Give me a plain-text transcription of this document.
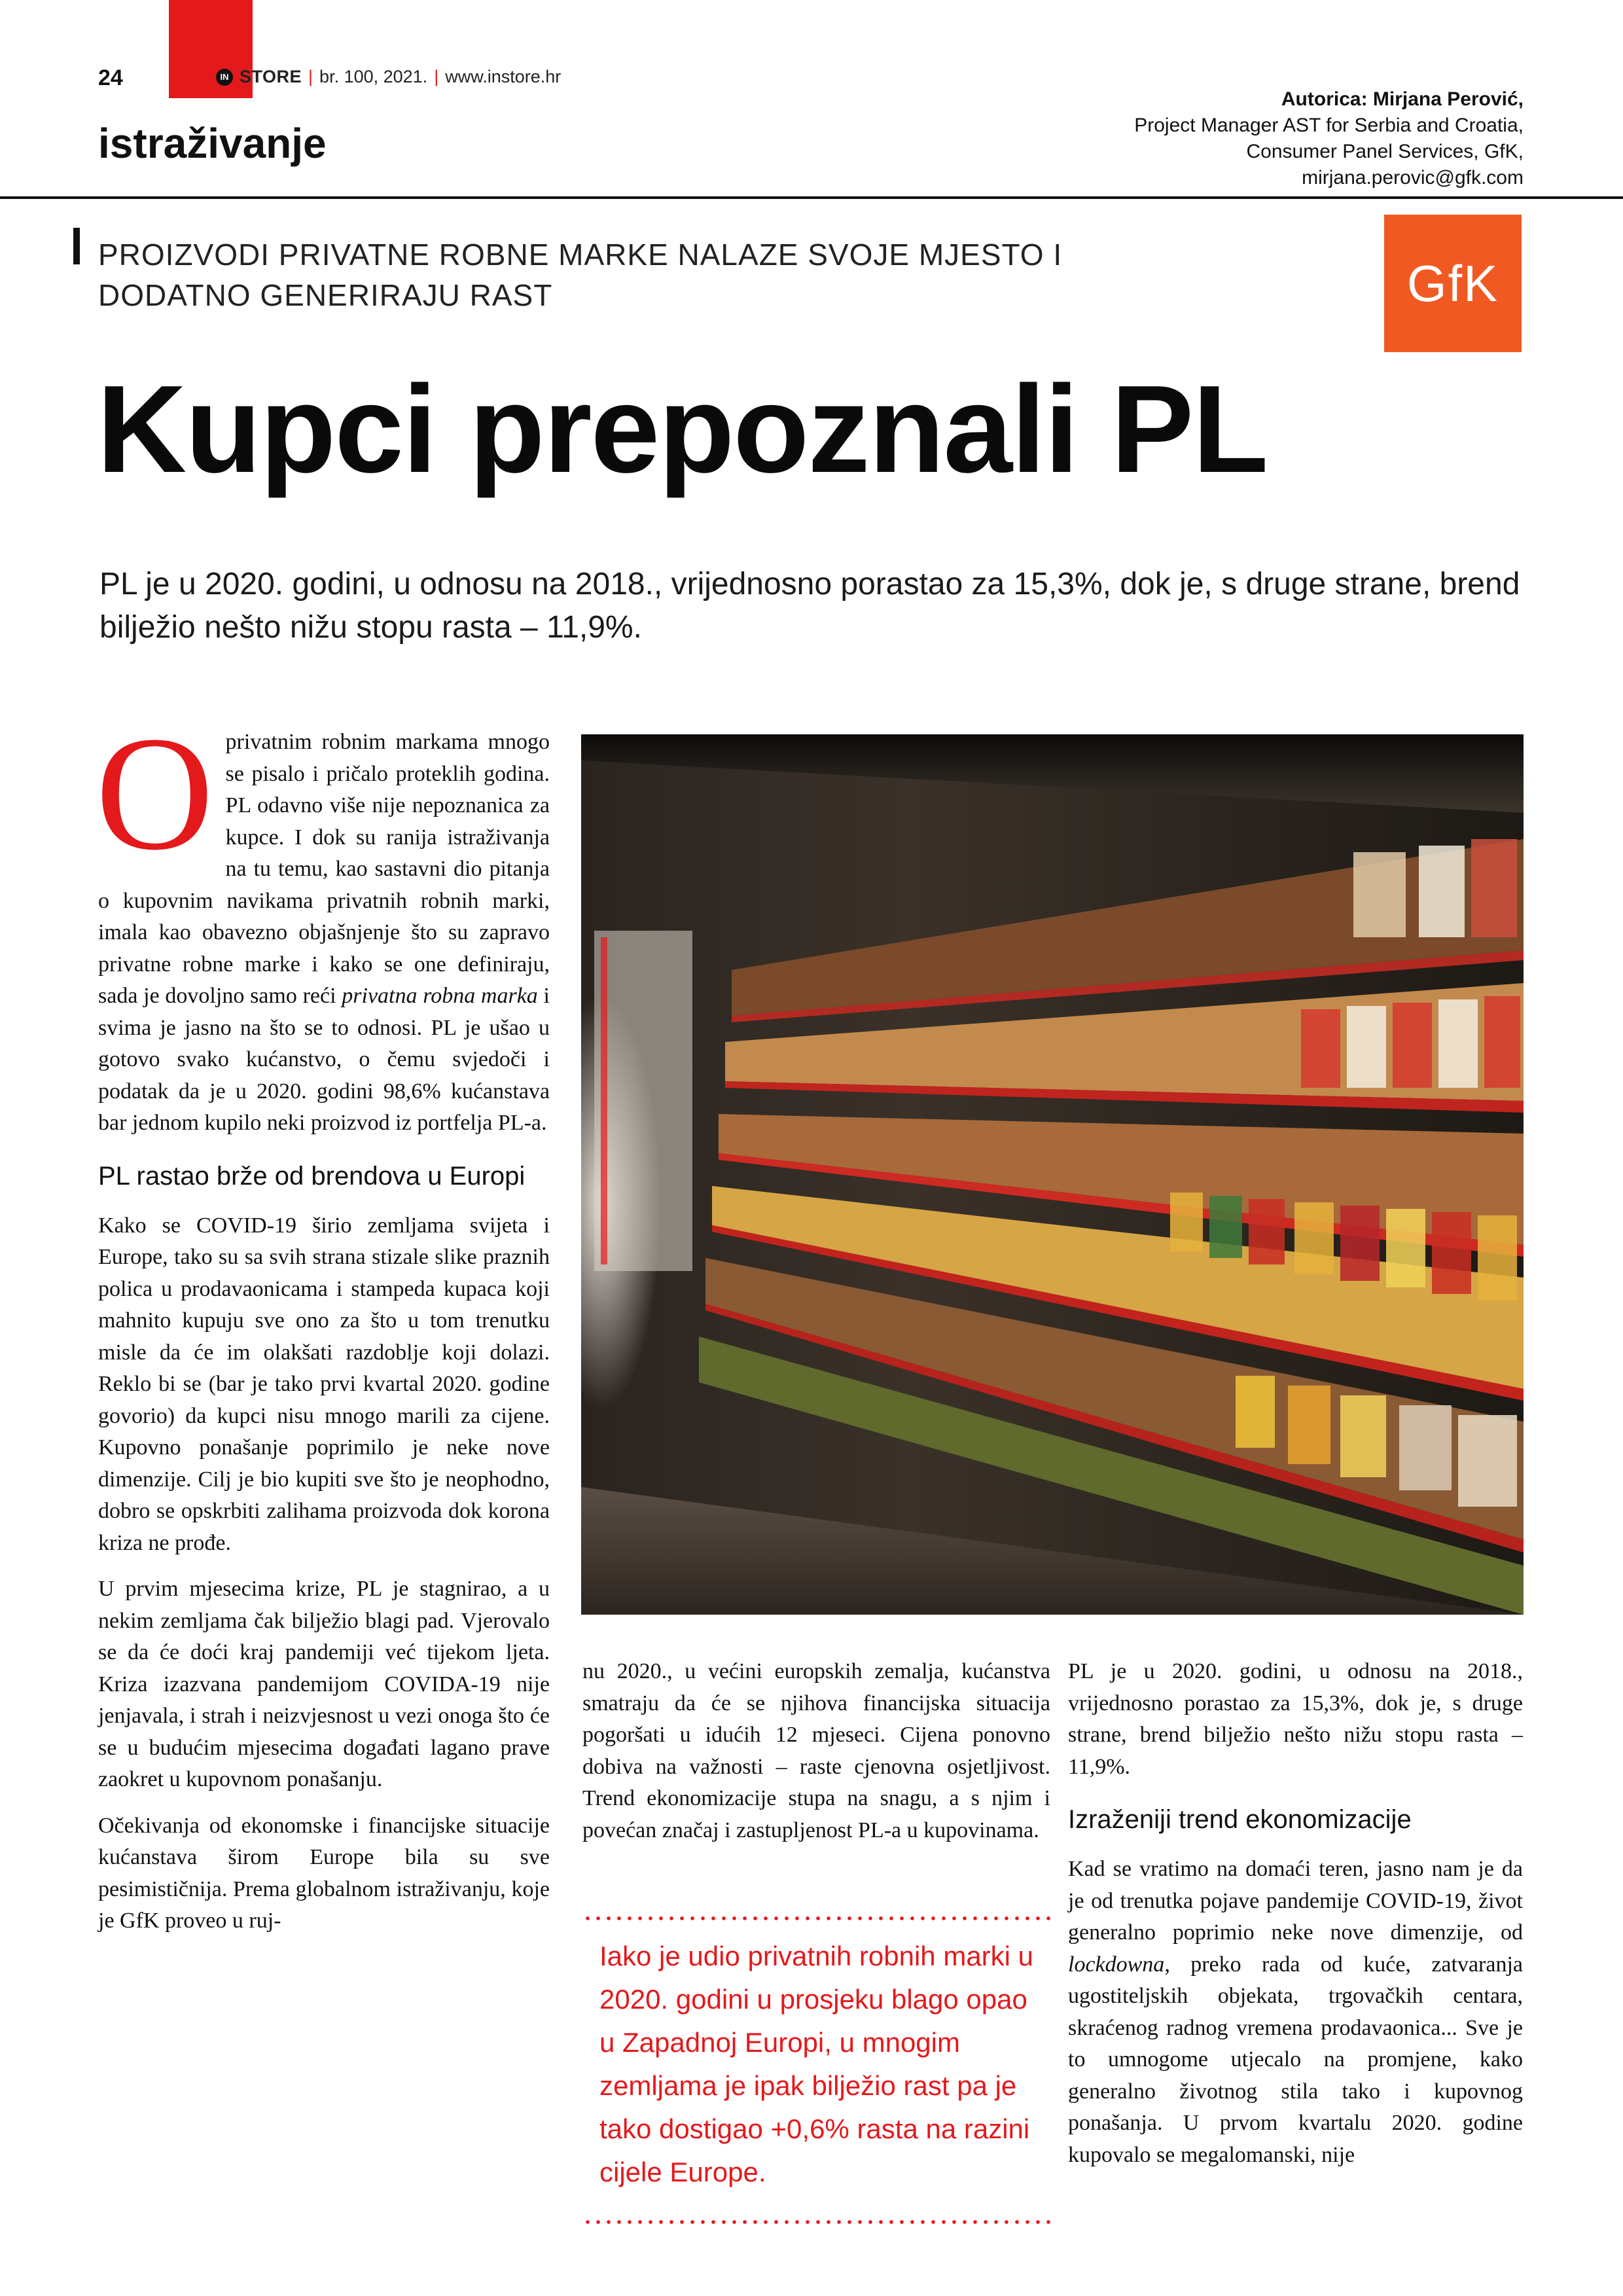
24	IN STORE | br. 100, 2021. | www.instore.hr
istraživanje
Autorica: Mirjana Perović,
Project Manager AST for Serbia and Croatia,
Consumer Panel Services, GfK,
mirjana.perovic@gfk.com
PROIZVODI PRIVATNE ROBNE MARKE NALAZE SVOJE MJESTO I DODATNO GENERIRAJU RAST	GfK
Kupci prepoznali PL
PL je u 2020. godini, u odnosu na 2018., vrijednosno porastao za 15,3%, dok je, s druge strane, brend bilježio nešto nižu stopu rasta – 11,9%.

Oprivatnim robnim markama mnogo se pisalo i pričalo proteklih godina. PL odavno više nije nepoznanica za kupce. I dok su ranija istraživanja na tu temu, kao sastavni dio pitanja o kupovnim navikama privatnih robnih marki, imala kao obavezno objašnjenje što su zapravo privatne robne marke i kako se one definiraju, sada je dovoljno samo reći privatna robna marka i svima je jasno na što se to odnosi. PL je ušao u gotovo svako kućanstvo, o čemu svjedoči i podatak da je u 2020. godini 98,6% kućanstava bar jednom kupilo neki proizvod iz portfelja PL-a.

PL rastao brže od brendova u Europi

Kako se COVID-19 širio zemljama svijeta i Europe, tako su sa svih strana stizale slike praznih polica u prodavaonicama i stampeda kupaca koji mahnito kupuju sve ono za što u tom trenutku misle da će im olakšati razdoblje koji dolazi. Reklo bi se (bar je tako prvi kvartal 2020. godine govorio) da kupci nisu mnogo marili za cijene. Kupovno ponašanje poprimilo je neke nove dimenzije. Cilj je bio kupiti sve što je neophodno, dobro se opskrbiti zalihama proizvoda dok korona kriza ne prođe.

U prvim mjesecima krize, PL je stagnirao, a u nekim zemljama čak bilježio blagi pad. Vjerovalo se da će doći kraj pandemiji već tijekom ljeta. Kriza izazvana pandemijom COVIDA-19 nije jenjavala, i strah i neizvjesnost u vezi onoga što će se u budućim mjesecima događati lagano prave zaokret u kupovnom ponašanju.

Očekivanja od ekonomske i financijske situacije kućanstava širom Europe bila su sve pesimističnija. Prema globalnom istraživanju, koje je GfK proveo u ruj-

nu 2020., u većini europskih zemalja, kućanstva smatraju da će se njihova financijska situacija pogoršati u idućih 12 mjeseci. Cijena ponovno dobiva na važnosti – raste cjenovna osjetljivost. Trend ekonomizacije stupa na snagu, a s njim i povećan značaj i zastupljenost PL-a u kupovinama.

Iako je udio privatnih robnih marki u 2020. godini u prosjeku blago opao u Zapadnoj Europi, u mnogim zemljama je ipak bilježio rast pa je tako dostigao +0,6% rasta na razini cijele Europe.

PL je u 2020. godini, u odnosu na 2018., vrijednosno porastao za 15,3%, dok je, s druge strane, brend bilježio nešto nižu stopu rasta – 11,9%.

Izraženiji trend ekonomizacije

Kad se vratimo na domaći teren, jasno nam je da je od trenutka pojave pandemije COVID-19, život generalno poprimio neke nove dimenzije, od lockdowna, preko rada od kuće, zatvaranja ugostiteljskih objekata, trgovačkih centara, skraćenog radnog vremena prodavaonica... Sve je to umnogome utjecalo na promjene, kako generalno životnog stila tako i kupovnog ponašanja. U prvom kvartalu 2020. godine kupovalo se megalomanski, nije
